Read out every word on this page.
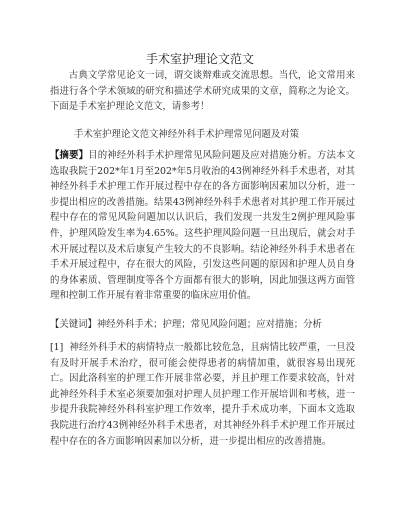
手术室护理论文范文

古典文学常见论文一词，谓交谈辩难或交流思想。当代，论文常用来指进行各个学术领域的研究和描述学术研究成果的文章，简称之为论文。下面是手术室护理论文范文，请参考！

手术室护理论文范文神经外科手术护理常见问题及对策

【摘要】目的神经外科手术护理常见风险问题及应对措施分析。方法本文选取我院于202*年1月至202*年5月收治的43例神经外科手术患者，对其神经外科手术护理工作开展过程中存在的各方面影响因素加以分析，进一步提出相应的改善措施。结果43例神经外科手术患者对其护理工作开展过程中存在的常见风险问题加以认识后，我们发现一共发生2例护理风险事件，护理风险发生率为4.65%。这些护理风险问题一旦出现后，就会对手术开展过程以及术后康复产生较大的不良影响。结论神经外科手术患者在手术开展过程中，存在很大的风险，引发这些问题的原因和护理人员自身的身体素质、管理制度等各个方面都有很大的影响，因此加强这两方面管理和控制工作开展有着非常重要的临床应用价值。

【关键词】神经外科手术；护理；常见风险问题；应对措施；分析

[1] 神经外科手术的病情特点一般都比较危急，且病情比较严重，一旦没有及时开展手术治疗，很可能会使得患者的病情加重，就很容易出现死亡。因此洛科室的护理工作开展非常必要，并且护理工作要求较高，针对此神经外科手术室必须要加强对护理人员护理工作开展培训和考核，进一步提升我院神经外科科室护理工作效率，提升手术成功率，下面本文选取我院进行治疗43例神经外科手术患者，对其神经外科手术护理工作开展过程中存在的各方面影响因素加以分析，进一步提出相应的改善措施。
